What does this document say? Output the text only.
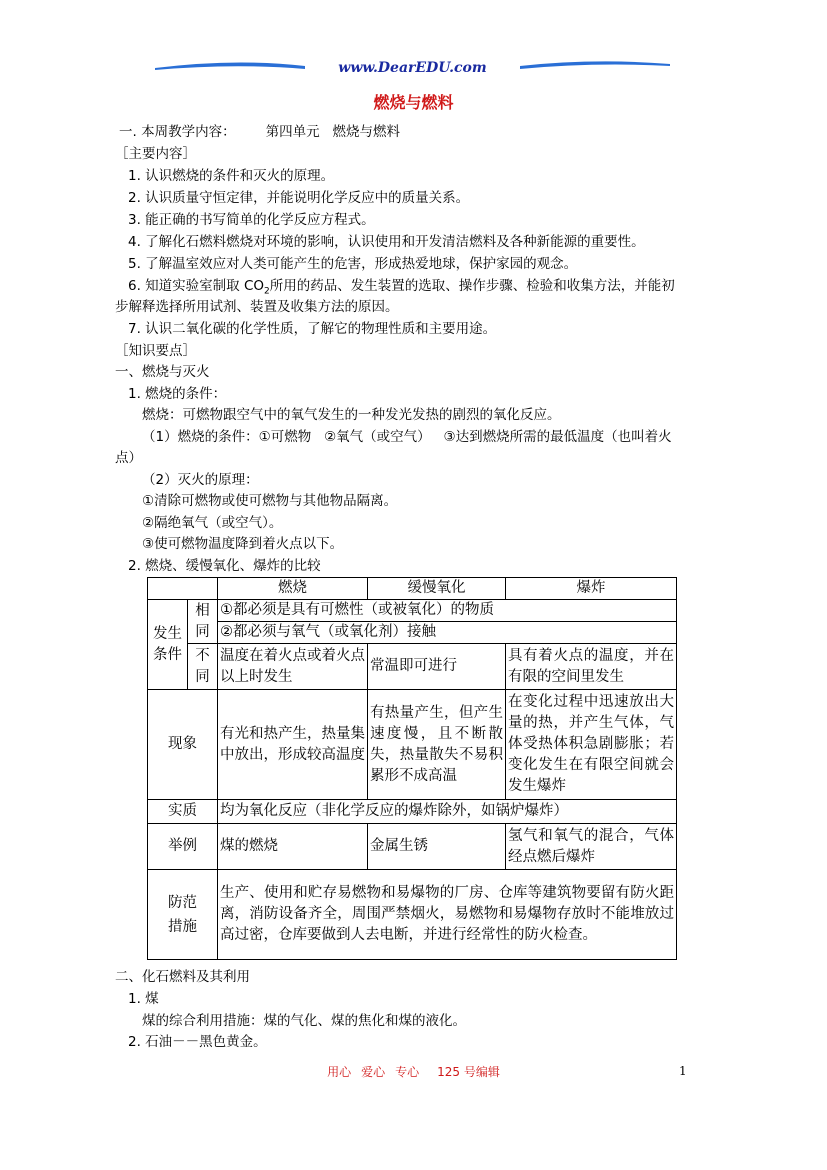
www.DearEDU.com
燃烧与燃料
一. 本周教学内容： 第四单元   燃烧与燃料
［主要内容］
1. 认识燃烧的条件和灭火的原理。
2. 认识质量守恒定律，并能说明化学反应中的质量关系。
3. 能正确的书写简单的化学反应方程式。
4. 了解化石燃料燃烧对环境的影响，认识使用和开发清洁燃料及各种新能源的重要性。
5. 了解温室效应对人类可能产生的危害，形成热爱地球，保护家园的观念。
6. 知道实验室制取 $CO_2$所用的药品、发生装置的选取、操作步骤、检验和收集方法，并能初
步解释选择所用试剂、装置及收集方法的原因。
7. 认识二氧化碳的化学性质，了解它的物理性质和主要用途。
［知识要点］
一、燃烧与灭火
1. 燃烧的条件：
燃烧：可燃物跟空气中的氧气发生的一种发光发热的剧烈的氧化反应。
（1）燃烧的条件：①可燃物   ②氧气（或空气）   ③达到燃烧所需的最低温度（也叫着火
点）
（2）灭火的原理：
①清除可燃物或使可燃物与其他物品隔离。
②隔绝氧气（或空气）。
③使可燃物温度降到着火点以下。
2. 燃烧、缓慢氧化、爆炸的比较
		燃烧	缓慢氧化	爆炸
发生条件	相同	①都必须是具有可燃性（或被氧化）的物质		
		②都必须与氧气（或氧化剂）接触		
	不同	温度在着火点或着火点以上时发生	常温即可进行	具有着火点的温度，并在有限的空间里发生
现象		有光和热产生，热量集中放出，形成较高温度	有热量产生，但产生速度慢，且不断散失，热量散失不易积累形不成高温	在变化过程中迅速放出大量的热，并产生气体，气体受热体积急剧膨胀；若变化发生在有限空间就会发生爆炸
实质		均为氧化反应（非化学反应的爆炸除外，如锅炉爆炸）		
举例		煤的燃烧	金属生锈	氢气和氧气的混合，气体经点燃后爆炸
防范措施		生产、使用和贮存易燃物和易爆物的厂房、仓库等建筑物要留有防火距离，消防设备齐全，周围严禁烟火，易燃物和易爆物存放时不能堆放过高过密，仓库要做到人去电断，并进行经常性的防火检查。		
二、化石燃料及其利用
1. 煤
煤的综合利用措施：煤的气化、煤的焦化和煤的液化。
2. 石油－－黑色黄金。
用心 爱心 专心 125 号编辑	1
